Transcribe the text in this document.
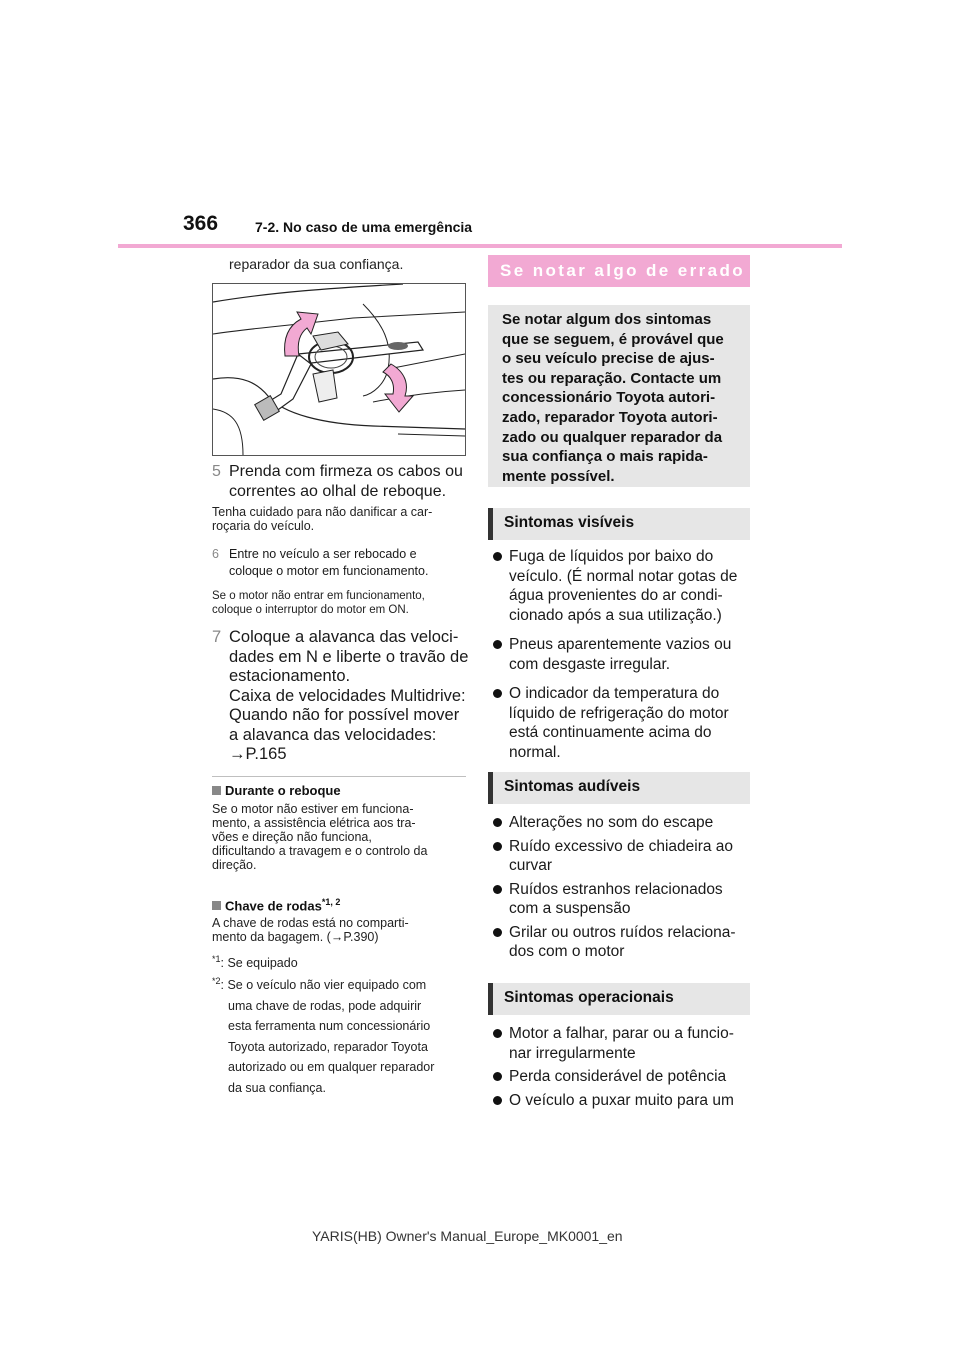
366	7-2. No caso de uma emergência
reparador da sua confiança.
5 Prenda com firmeza os cabos ou
correntes ao olhal de reboque.
Tenha cuidado para não danificar a car-
roçaria do veículo.
6 Entre no veículo a ser rebocado e
coloque o motor em funcionamento.
Se o motor não entrar em funcionamento,
coloque o interruptor do motor em ON.
7 Coloque a alavanca das veloci-
dades em N e liberte o travão de
estacionamento.
Caixa de velocidades Multidrive:
Quando não for possível mover
a alavanca das velocidades:
→P.165
Durante o reboque
Se o motor não estiver em funciona-
mento, a assistência elétrica aos tra-
vões e direção não funciona,
dificultando a travagem e o controlo da
direção.
Chave de rodas$^{*1, 2}$
A chave de rodas está no comparti-
mento da bagagem. (→P.390)
$^{*1}$: Se equipado
$^{*2}$: Se o veículo não vier equipado com
uma chave de rodas, pode adquirir
esta ferramenta num concessionário
Toyota autorizado, reparador Toyota
autorizado ou em qualquer reparador
da sua confiança.
Se notar algo de errado
Se notar algum dos sintomas
que se seguem, é provável que
o seu veículo precise de ajus-
tes ou reparação. Contacte um
concessionário Toyota autori-
zado, reparador Toyota autori-
zado ou qualquer reparador da
sua confiança o mais rapida-
mente possível.
Sintomas visíveis
Fuga de líquidos por baixo do
veículo. (É normal notar gotas de
água provenientes do ar condi-
cionado após a sua utilização.)
Pneus aparentemente vazios ou
com desgaste irregular.
O indicador da temperatura do
líquido de refrigeração do motor
está continuamente acima do
normal.
Sintomas audíveis
Alterações no som do escape
Ruído excessivo de chiadeira ao
curvar
Ruídos estranhos relacionados
com a suspensão
Grilar ou outros ruídos relaciona-
dos com o motor
Sintomas operacionais
Motor a falhar, parar ou a funcio-
nar irregularmente
Perda considerável de potência
O veículo a puxar muito para um
YARIS(HB) Owner's Manual_Europe_MK0001_en
